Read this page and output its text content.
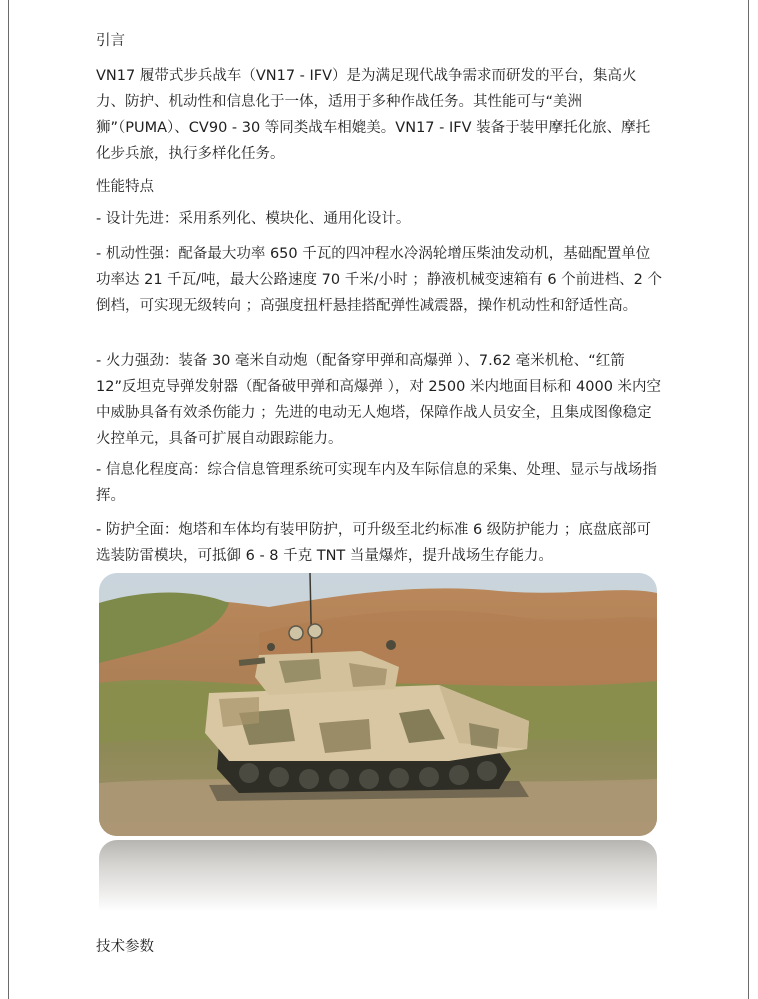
引言

VN17 履带式步兵战车（VN17 - IFV）是为满足现代战争需求而研发的平台，集高火力、防护、机动性和信息化于一体，适用于多种作战任务。其性能可与“美洲狮”（PUMA）、CV90 - 30 等同类战车相媲美。VN17 - IFV 装备于装甲摩托化旅、摩托化步兵旅，执行多样化任务。

性能特点

- 设计先进：采用系列化、模块化、通用化设计。

- 机动性强：配备最大功率 650 千瓦的四冲程水冷涡轮增压柴油发动机，基础配置单位功率达 21 千瓦/吨，最大公路速度 70 千米/小时 ；静液机械变速箱有 6 个前进档、2 个倒档，可实现无级转向 ；高强度扭杆悬挂搭配弹性减震器，操作机动性和舒适性高。

- 火力强劲：装备 30 毫米自动炮（配备穿甲弹和高爆弹 ）、7.62 毫米机枪、“红箭 12”反坦克导弹发射器（配备破甲弹和高爆弹 ），对 2500 米内地面目标和 4000 米内空中威胁具备有效杀伤能力 ；先进的电动无人炮塔，保障作战人员安全，且集成图像稳定火控单元，具备可扩展自动跟踪能力。

- 信息化程度高：综合信息管理系统可实现车内及车际信息的采集、处理、显示与战场指挥。

- 防护全面：炮塔和车体均有装甲防护，可升级至北约标准 6 级防护能力 ；底盘底部可选装防雷模块，可抵御 6 - 8 千克 TNT 当量爆炸，提升战场生存能力。

技术参数
